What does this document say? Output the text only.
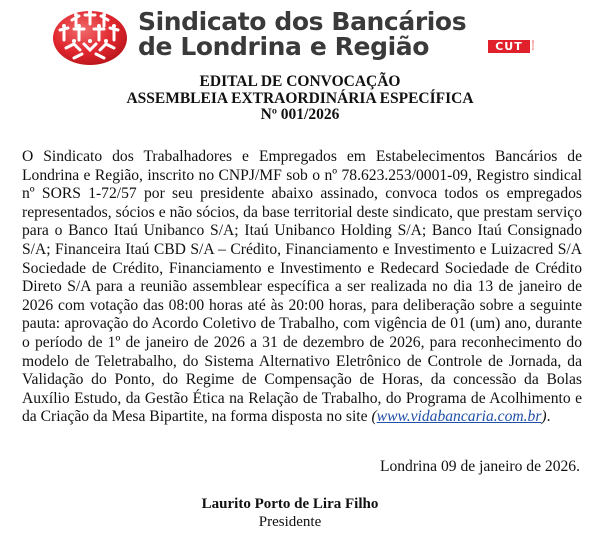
Sindicato dos Bancários
de Londrina e Região	CUT	BRASIL
EDITAL DE CONVOCAÇÃO
ASSEMBLEIA EXTRAORDINÁRIA ESPECÍFICA
Nº 001/2026
O Sindicato dos Trabalhadores e Empregados em Estabelecimentos Bancários de Londrina e Região, inscrito no CNPJ/MF sob o nº 78.623.253/0001-09, Registro sindical nº SORS 1-72/57 por seu presidente abaixo assinado, convoca todos os empregados representados, sócios e não sócios, da base territorial deste sindicato, que prestam serviço para o Banco Itaú Unibanco S/A; Itaú Unibanco Holding S/A; Banco Itaú Consignado S/A; Financeira Itaú CBD S/A – Crédito, Financiamento e Investimento e Luizacred S/A Sociedade de Crédito, Financiamento e Investimento e Redecard Sociedade de Crédito Direto S/A para a reunião assemblear específica a ser realizada no dia 13 de janeiro de 2026 com votação das 08:00 horas até às 20:00 horas, para deliberação sobre a seguinte pauta: aprovação do Acordo Coletivo de Trabalho, com vigência de 01 (um) ano, durante o período de 1º de janeiro de 2026 a 31 de dezembro de 2026, para reconhecimento do modelo de Teletrabalho, do Sistema Alternativo Eletrônico de Controle de Jornada, da Validação do Ponto, do Regime de Compensação de Horas, da concessão da Bolas Auxílio Estudo, da Gestão Ética na Relação de Trabalho, do Programa de Acolhimento e da Criação da Mesa Bipartite, na forma disposta no site (www.vidabancaria.com.br).
Londrina 09 de janeiro de 2026.
Laurito Porto de Lira Filho
Presidente
